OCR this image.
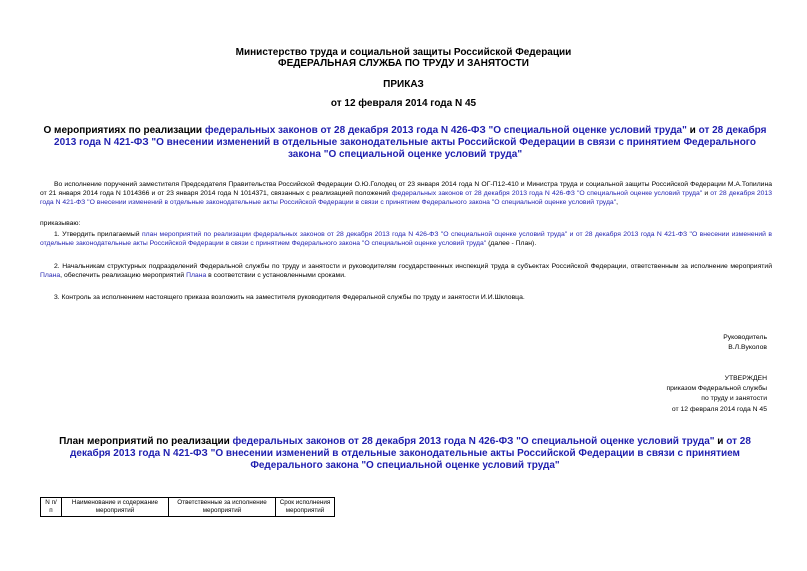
Министерство труда и социальной защиты Российской Федерации
ФЕДЕРАЛЬНАЯ СЛУЖБА ПО ТРУДУ И ЗАНЯТОСТИ
ПРИКАЗ
от 12 февраля 2014 года N 45
О мероприятиях по реализации федеральных законов от 28 декабря 2013 года N 426-ФЗ "О специальной оценке условий труда" и от 28 декабря 2013 года N 421-ФЗ "О внесении изменений в отдельные законодательные акты Российской Федерации в связи с принятием Федерального закона "О специальной оценке условий труда"
Во исполнение поручений заместителя Председателя Правительства Российской Федерации О.Ю.Голодец от 23 января 2014 года N ОГ-П12-410 и Министра труда и социальной защиты Российской Федерации М.А.Топилина от 21 января 2014 года N 1014366 и от 23 января 2014 года N 1014371, связанных с реализацией положений федеральных законов от 28 декабря 2013 года N 426-ФЗ "О специальной оценке условий труда" и от 28 декабря 2013 года N 421-ФЗ "О внесении изменений в отдельные законодательные акты Российской Федерации в связи с принятием Федерального закона "О специальной оценке условий труда",
приказываю:
1. Утвердить прилагаемый план мероприятий по реализации федеральных законов от 28 декабря 2013 года N 426-ФЗ "О специальной оценке условий труда" и от 28 декабря 2013 года N 421-ФЗ "О внесении изменений в отдельные законодательные акты Российской Федерации в связи с принятием Федерального закона "О специальной оценке условий труда" (далее - План).
2. Начальникам структурных подразделений Федеральной службы по труду и занятости и руководителям государственных инспекций труда в субъектах Российской Федерации, ответственным за исполнение мероприятий Плана, обеспечить реализацию мероприятий Плана в соответствии с установленными сроками.
3. Контроль за исполнением настоящего приказа возложить на заместителя руководителя Федеральной службы по труду и занятости И.И.Шкловца.
Руководитель
В.Л.Вуколов
УТВЕРЖДЕН
приказом Федеральной службы
по труду и занятости
от 12 февраля 2014 года N 45
План мероприятий по реализации федеральных законов от 28 декабря 2013 года N 426-ФЗ "О специальной оценке условий труда" и от 28 декабря 2013 года N 421-ФЗ "О внесении изменений в отдельные законодательные акты Российской Федерации в связи с принятием Федерального закона "О специальной оценке условий труда"
N п/п	Наименование и содержание мероприятий	Ответственные за исполнение мероприятий	Срок исполнения мероприятий
